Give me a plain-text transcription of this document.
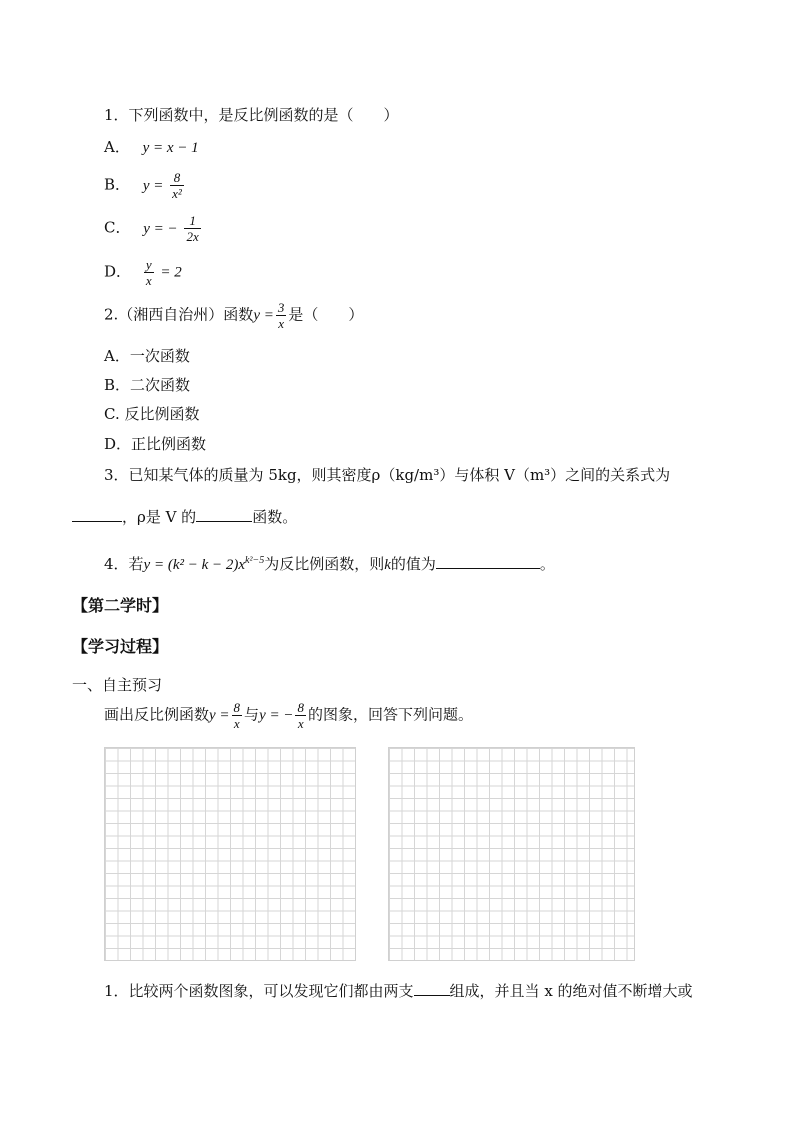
1．下列函数中，是反比例函数的是（　　）
A． y = x − 1
B． $y = \frac{8}{\text{x²}}$
C． y = − $\frac{1}{2x}$
D． $\frac{y}{x} = 2$
2.（湘西自治州）函数$y = \frac{3}{x}$ 是（　　）
A．一次函数
B．二次函数
C. 反比例函数
D．正比例函数
3．已知某气体的质量为 5kg，则其密度ρ（kg/m³）与体积 V（m³）之间的关系式为
，ρ是 V 的	函数。
4．若$y = (k^2 - k - 2)x^{k^2-5}$为反比例函数，则k的值为	。
【第二学时】
【学习过程】
一、自主预习
画出反比例函数$y = \frac{8}{x}$ 与y = − $\frac{8}{x}$ 的图象，回答下列问题。
1．比较两个函数图象，可以发现它们都由两支 组成，并且当 x 的绝对值不断增大或
